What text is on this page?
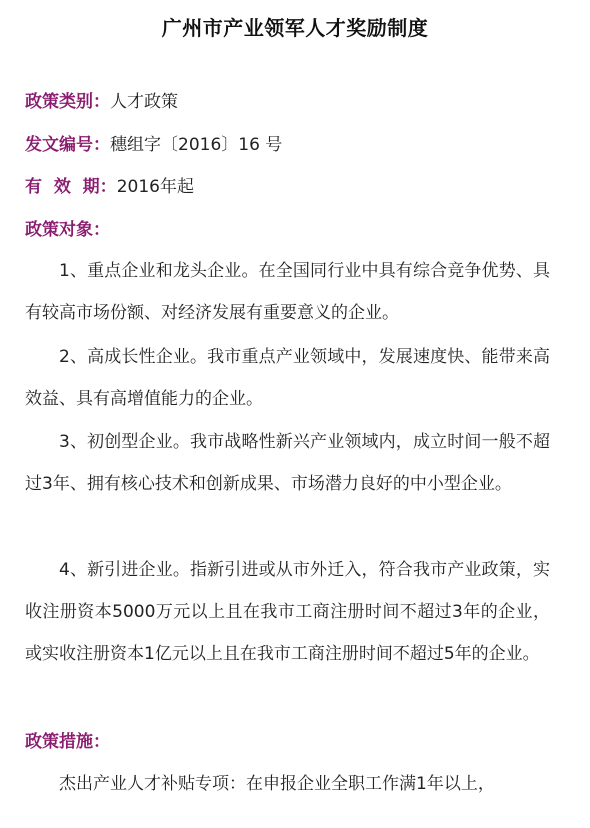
广州市产业领军人才奖励制度
政策类别：人才政策
发文编号：穗组字〔2016〕16 号
有  效  期：2016年起
政策对象：
1、重点企业和龙头企业。在全国同行业中具有综合竞争优势、具有较高市场份额、对经济发展有重要意义的企业。
2、高成长性企业。我市重点产业领域中，发展速度快、能带来高效益、具有高增值能力的企业。
3、初创型企业。我市战略性新兴产业领域内，成立时间一般不超过3年、拥有核心技术和创新成果、市场潜力良好的中小型企业。
4、新引进企业。指新引进或从市外迁入，符合我市产业政策，实收注册资本5000万元以上且在我市工商注册时间不超过3年的企业，或实收注册资本1亿元以上且在我市工商注册时间不超过5年的企业。
政策措施：
杰出产业人才补贴专项：在申报企业全职工作满1年以上，
